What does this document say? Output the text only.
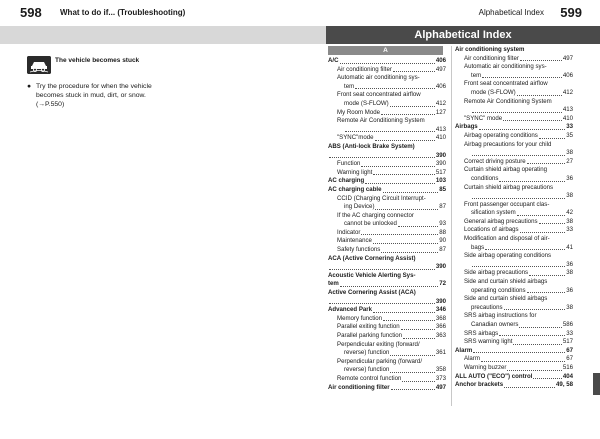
598 What to do if... (Troubleshooting)	Alphabetical Index 599
Alphabetical Index
The vehicle becomes stuck
● Try the procedure for when the vehicle becomes stuck in mud, dirt, or snow. (→P.550)
A
A/C	406
Air conditioning filter	497
Automatic air conditioning sys-
tem	406
Front seat concentrated airflow
mode (S-FLOW)	412
My Room Mode	127
Remote Air Conditioning System
413
"SYNC"mode	410
ABS (Anti-lock Brake System)
390
Function	390
Warning light	517
AC charging	103
AC charging cable	85
CCID (Charging Circuit Interrupt-
ing Device)	87
If the AC charging connector
cannot be unlocked	93
Indicator	88
Maintenance	90
Safety functions	87
ACA (Active Cornering Assist)
390
Acoustic Vehicle Alerting Sys-
tem	72
Active Cornering Assist (ACA)
390
Advanced Park	346
Memory function	368
Parallel exiting function	366
Parallel parking function	363
Perpendicular exiting (forward/
reverse) function	361
Perpendicular parking (forward/
reverse) function	358
Remote control function	373
Air conditioning filter	497
Air conditioning system
Air conditioning filter	497
Automatic air conditioning sys-
tem	406
Front seat concentrated airflow
mode (S-FLOW)	412
Remote Air Conditioning System
413
"SYNC" mode	410
Airbags	33
Airbag operating conditions	35
Airbag precautions for your child
38
Correct driving posture	27
Curtain shield airbag operating
conditions	36
Curtain shield airbag precautions
38
Front passenger occupant clas-
sification system	42
General airbag precautions	38
Locations of airbags	33
Modification and disposal of air-
bags	41
Side airbag operating conditions
36
Side airbag precautions	38
Side and curtain shield airbags
operating conditions	36
Side and curtain shield airbags
precautions	38
SRS airbag instructions for
Canadian owners	586
SRS airbags	33
SRS warning light	517
Alarm	67
Alarm	67
Warning buzzer	516
ALL AUTO ("ECO") control	404
Anchor brackets	49, 58
